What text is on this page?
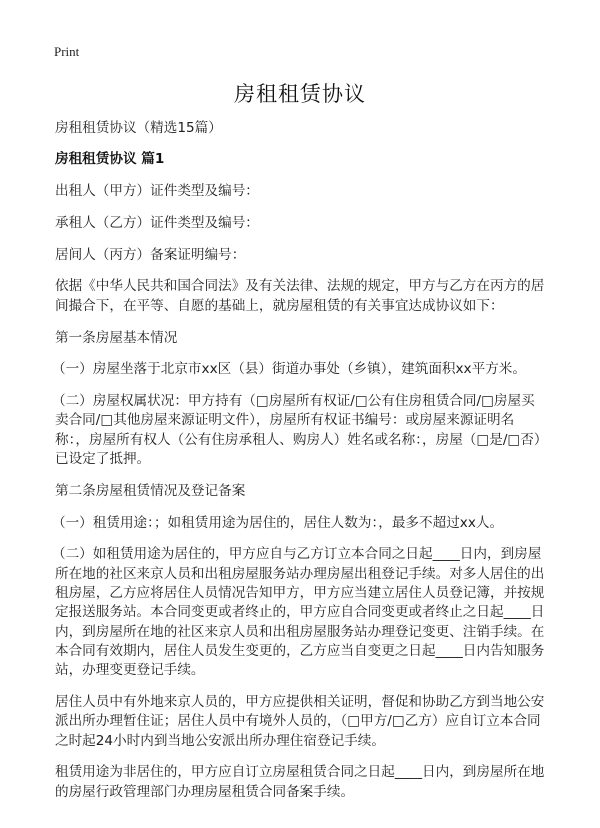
Print
房租租赁协议

房租租赁协议（精选15篇）

房租租赁协议 篇1

出租人（甲方）证件类型及编号：

承租人（乙方）证件类型及编号：

居间人（丙方）备案证明编号：

依据《中华人民共和国合同法》及有关法律、法规的规定，甲方与乙方在丙方的居间撮合下，在平等、自愿的基础上，就房屋租赁的有关事宜达成协议如下：

第一条房屋基本情况

（一）房屋坐落于北京市xx区（县）街道办事处（乡镇），建筑面积xx平方米。

（二）房屋权属状况：甲方持有（□房屋所有权证/□公有住房租赁合同/□房屋买卖合同/□其他房屋来源证明文件），房屋所有权证书编号：或房屋来源证明名称：，房屋所有权人（公有住房承租人、购房人）姓名或名称：，房屋（□是/□否）已设定了抵押。

第二条房屋租赁情况及登记备案

（一）租赁用途：；如租赁用途为居住的，居住人数为：，最多不超过xx人。

（二）如租赁用途为居住的，甲方应自与乙方订立本合同之日起____日内，到房屋所在地的社区来京人员和出租房屋服务站办理房屋出租登记手续。对多人居住的出租房屋，乙方应将居住人员情况告知甲方，甲方应当建立居住人员登记簿，并按规定报送服务站。本合同变更或者终止的，甲方应自合同变更或者终止之日起____日内，到房屋所在地的社区来京人员和出租房屋服务站办理登记变更、注销手续。在本合同有效期内，居住人员发生变更的，乙方应当自变更之日起____日内告知服务站，办理变更登记手续。

居住人员中有外地来京人员的，甲方应提供相关证明，督促和协助乙方到当地公安派出所办理暂住证；居住人员中有境外人员的，（□甲方/□乙方）应自订立本合同之时起24小时内到当地公安派出所办理住宿登记手续。

租赁用途为非居住的，甲方应自订立房屋租赁合同之日起____日内，到房屋所在地的房屋行政管理部门办理房屋租赁合同备案手续。
